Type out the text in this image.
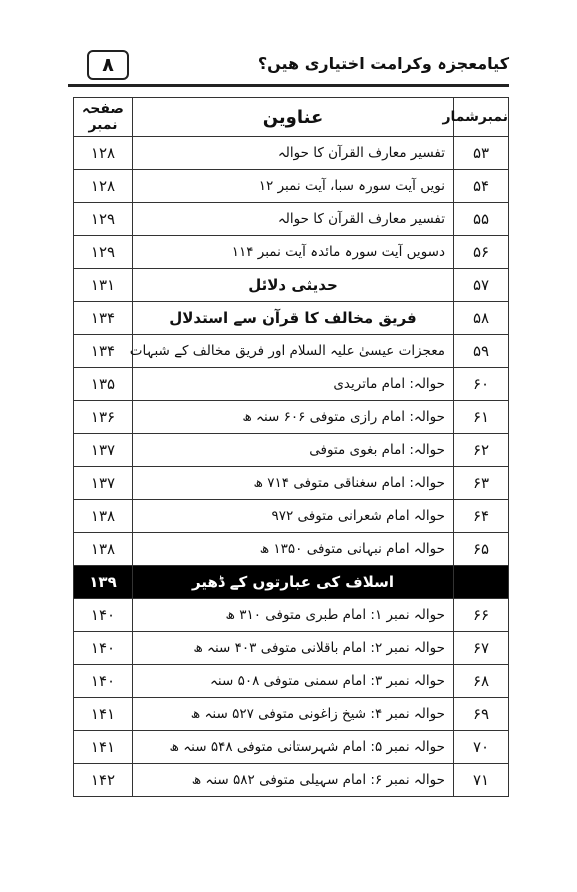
۸	کیامعجزہ وکرامت اختیاری ھیں؟
نمبرشمار	عناوین	صفحہ نمبر
۵۳	تفسیر معارف القرآن کا حوالہ	۱۲۸
۵۴	نویں آیت سورہ سبا، آیت نمبر ۱۲	۱۲۸
۵۵	تفسیر معارف القرآن کا حوالہ	۱۲۹
۵۶	دسویں آیت سورہ مائدہ آیت نمبر ۱۱۴	۱۲۹
۵۷	حدیثی دلائل	۱۳۱
۵۸	فریق مخالف کا قرآن سے استدلال	۱۳۴
۵۹	معجزات عیسیٰ علیہ السلام اور فریق مخالف کے شبہات	۱۳۴
۶۰	حوالہ: امام ماتریدی	۱۳۵
۶۱	حوالہ: امام رازی متوفی ۶۰۶ سنہ ھ	۱۳۶
۶۲	حوالہ: امام بغوی متوفی	۱۳۷
۶۳	حوالہ: امام سغناقی متوفی ۷۱۴ ھ	۱۳۷
۶۴	حوالہ امام شعرانی متوفی ۹۷۲	۱۳۸
۶۵	حوالہ امام نبہانی متوفی ۱۳۵۰ ھ	۱۳۸
	اسلاف کی عبارتوں کے ڈھیر	۱۳۹
۶۶	حوالہ نمبر ۱: امام طبری متوفی ۳۱۰ ھ	۱۴۰
۶۷	حوالہ نمبر ۲: امام باقلانی متوفی ۴۰۳ سنہ ھ	۱۴۰
۶۸	حوالہ نمبر ۳: امام سمنی متوفی ۵۰۸ سنہ	۱۴۰
۶۹	حوالہ نمبر ۴: شیخ زاغونی متوفی ۵۲۷ سنہ ھ	۱۴۱
۷۰	حوالہ نمبر ۵: امام شہرستانی متوفی ۵۴۸ سنہ ھ	۱۴۱
۷۱	حوالہ نمبر ۶: امام سہیلی متوفی ۵۸۲ سنہ ھ	۱۴۲
